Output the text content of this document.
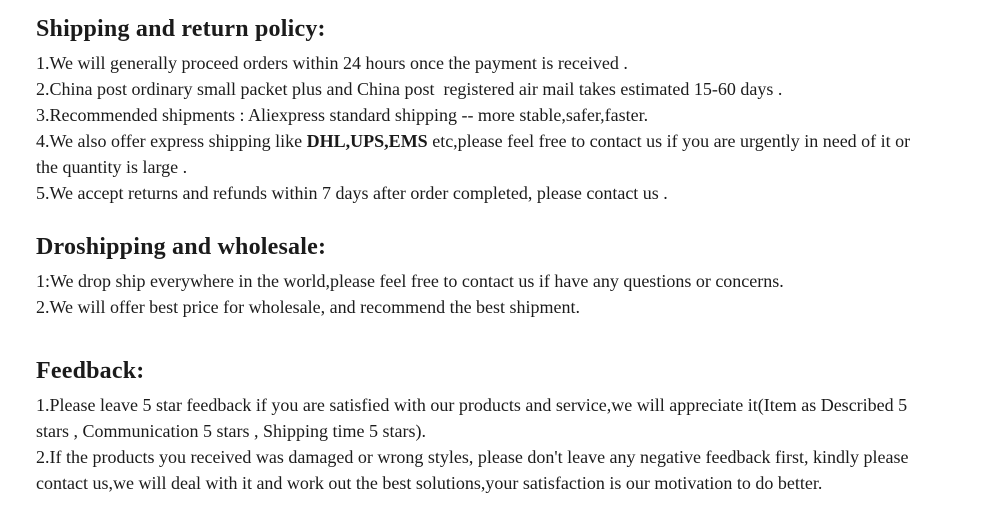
Shipping and return policy:

1.We will generally proceed orders within 24 hours once the payment is received .

2.China post ordinary small packet plus and China post  registered air mail takes estimated 15-60 days .

3.Recommended shipments : Aliexpress standard shipping -- more stable,safer,faster.

4.We also offer express shipping like DHL,UPS,EMS etc,please feel free to contact us if you are urgently in need of it or the quantity is large .

5.We accept returns and refunds within 7 days after order completed, please contact us .

Droshipping and wholesale:

1:We drop ship everywhere in the world,please feel free to contact us if have any questions or concerns.

2.We will offer best price for wholesale, and recommend the best shipment.

Feedback:

1.Please leave 5 star feedback if you are satisfied with our products and service,we will appreciate it(Item as Described 5 stars , Communication 5 stars , Shipping time 5 stars).

2.If the products you received was damaged or wrong styles, please don't leave any negative feedback first, kindly please contact us,we will deal with it and work out the best solutions,your satisfaction is our motivation to do better.
